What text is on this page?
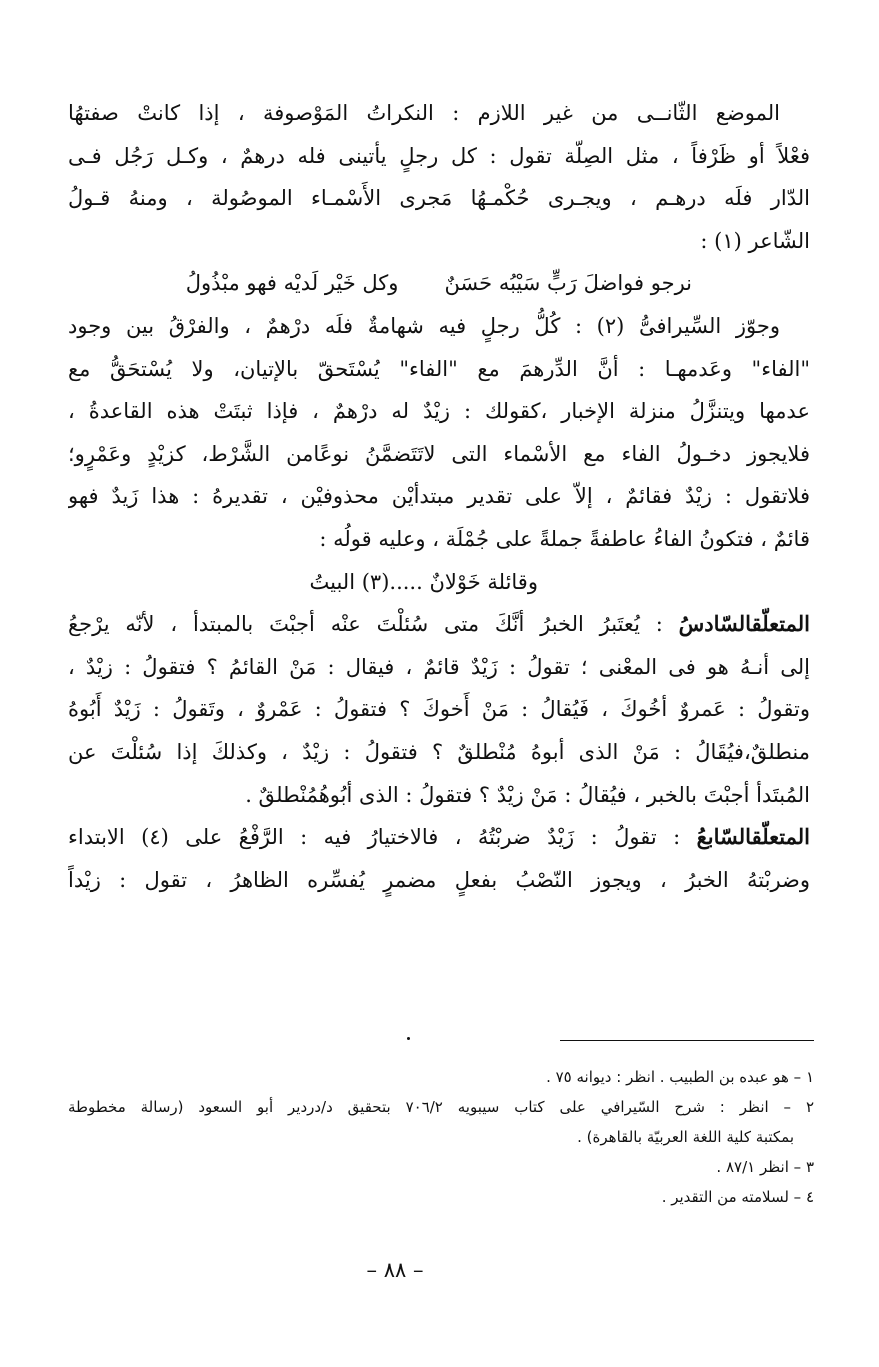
الموضع الثّانــى من غير اللازم : النكراتُ المَوْصوفة ، إذا كانتْ صفتهُا
فعْلاً أو ظَرْفاً ، مثل الصِلّة تقول : كل رجلٍ يأتينى فله درهمٌ ، وكـل رَجُل فـى
الدّار فلَه درهـم ، ويجـرى حُكْمـهُا مَجرى الأَسْمـاء الموصُولة ، ومنهُ قـولُ
الشّاعر (١) :
نرجو فواضلَ رَبٍّ سَيْبُه حَسَنٌ
وكل خَيْر لَديْه فهو مبْذُولُ
وجوّز السِّيرافىُّ (٢) : كُلُّ رجلٍ فيه شهامةٌ فلَه درْهمٌ ، والفرْقُ بين وجود
"الفاء" وعَدمهـا : أنَّ الدِّرهمَ مع "الفاء" يُسْتَحقّ بالإتيان، ولا يُسْتحَقُّ مع
عدمها ويتنزَّلُ منزلة الإخبار ،كقولك : زيْدٌ له درْهمٌ ، فإذا ثبتَتْ هذه القاعدةُ ،
فلايجوز دخـولُ الفاء مع الأسْماء التى لاتَتَضمَّنُ نوعًامن الشَّرْط، كزيْدٍ وعَمْرٍو؛
فلاتقول : زيْدٌ فقائمٌ ، إلاّ على تقدير مبتدأيْن محذوفيْن ، تقديرهُ : هذا زَيدٌ فهو
قائمٌ ، فتكونُ الفاءُ عاطفةً جملةً على جُمْلَة ، وعليه قولُه :
وقائلة خَوْلانٌ .....(٣) البيتُ
المتعلّقالسّادسُ : يُعتَبرُ الخبرُ أنَّكَ متى سُئلْتَ عنْه أجبْتَ بالمبتدأ ، لأنّه يرْجعُ
إلى أنـهُ هو فى المعْنى ؛ تقولُ : زَيْدٌ قائمٌ ، فيقال : مَنْ القائمُ ؟ فتقولُ : زيْدٌ ،
وتقولُ : عَمروٌ أخُوكَ ، فَيُقالُ : مَنْ أَخوكَ ؟ فتقولُ : عَمْروٌ ، وتَقولُ : زَيْدٌ أَبُوهُ
منطلقٌ،فيُقَالُ : مَنْ الذى أبوهُ مُنْطلقٌ ؟ فتقولُ : زيْدٌ ، وكذلكَ إذا سُئلْتَ عن
المُبتَدأ أجبْتَ بالخبر ، فيُقالُ : مَنْ زيْدٌ ؟ فتقولُ : الذى أبُوهُمُنْطلقٌ .
المتعلّقالسّابعُ : تقولُ : زَيْدٌ ضربْتُهُ ، فالاختيارُ فيه : الرَّفْعُ على (٤) الابتداء
وضربْتهُ الخبرُ ، ويجوز النّصْبُ بفعلٍ مضمرٍ يُفسِّره الظاهرُ ، تقول : زيْداً
١ – هو عبده بن الطبيب . انظر : ديوانه ٧٥ .
٢ – انظر : شرح السّيرافي على كتاب سيبويه ٧٠٦/٢ بتحقيق د/دردير أبو السعود (رسالة مخطوطة
بمكتبة كلية اللغة العربيّة بالقاهرة) .
٣ – انظر ٨٧/١ .
٤ – لسلامته من التقدير .
– ٨٨ –
